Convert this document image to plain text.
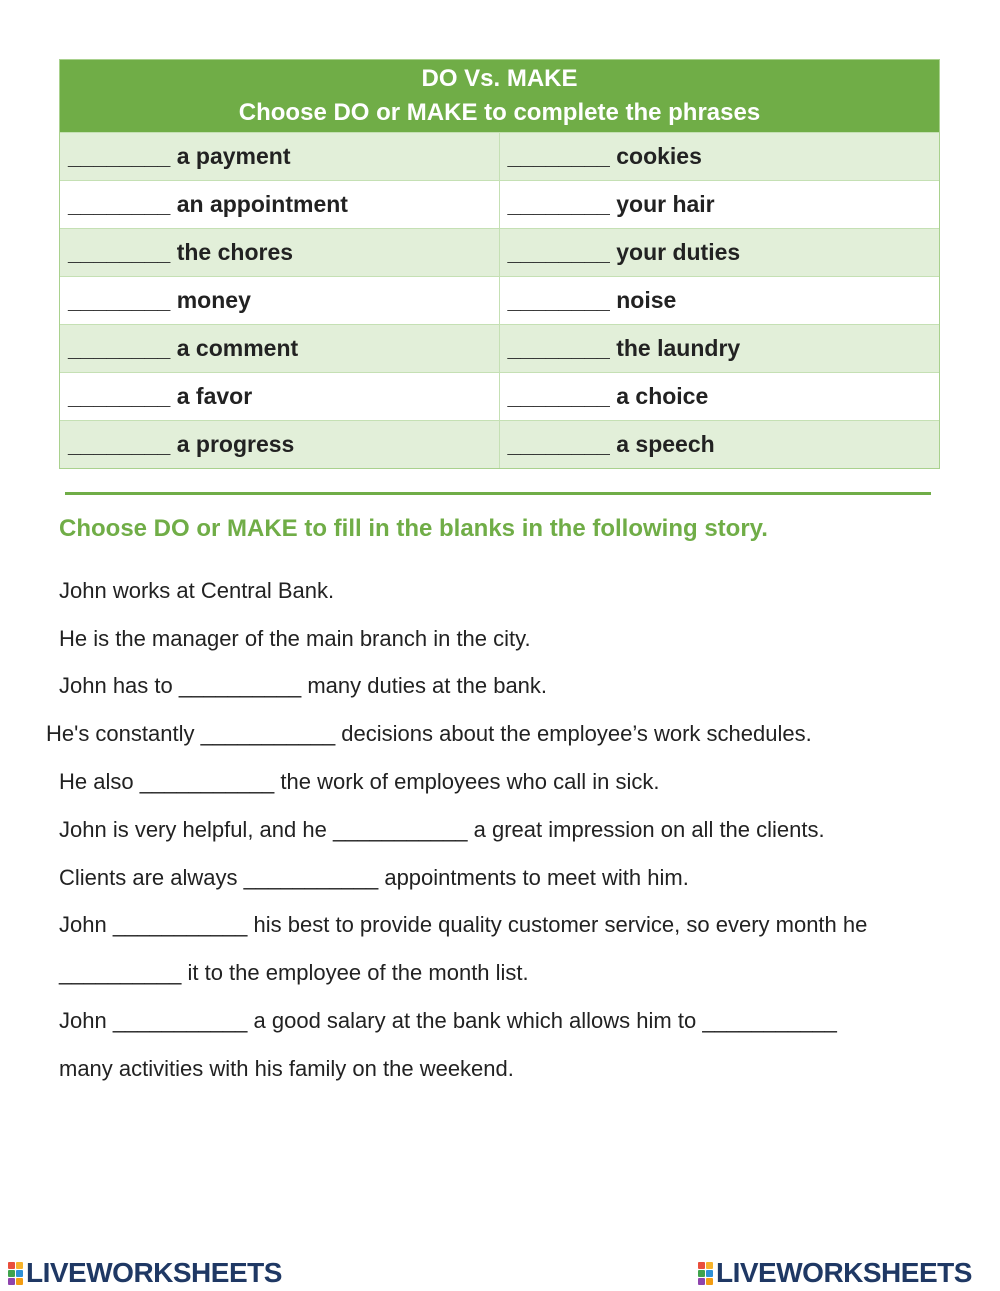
DO Vs. MAKE
Choose DO or MAKE to complete the phrases
________ a payment	________ cookies
________ an appointment	________ your hair
________ the chores	________ your duties
________ money	________ noise
________ a comment	________ the laundry
________ a favor	________ a choice
________ a progress	________ a speech
Choose DO or MAKE to fill in the blanks in the following story.
John works at Central Bank.
He is the manager of the main branch in the city.
John has to __________ many duties at the bank.
He's constantly ___________ decisions about the employee’s work schedules.
He also ___________ the work of employees who call in sick.
John is very helpful, and he ___________ a great impression on all the clients.
Clients are always ___________ appointments to meet with him.
John ___________ his best to provide quality customer service, so every month he
__________ it to the employee of the month list.
John ___________ a good salary at the bank which allows him to ___________
many activities with his family on the weekend.
LIVEWORKSHEETS	LIVEWORKSHEETS
